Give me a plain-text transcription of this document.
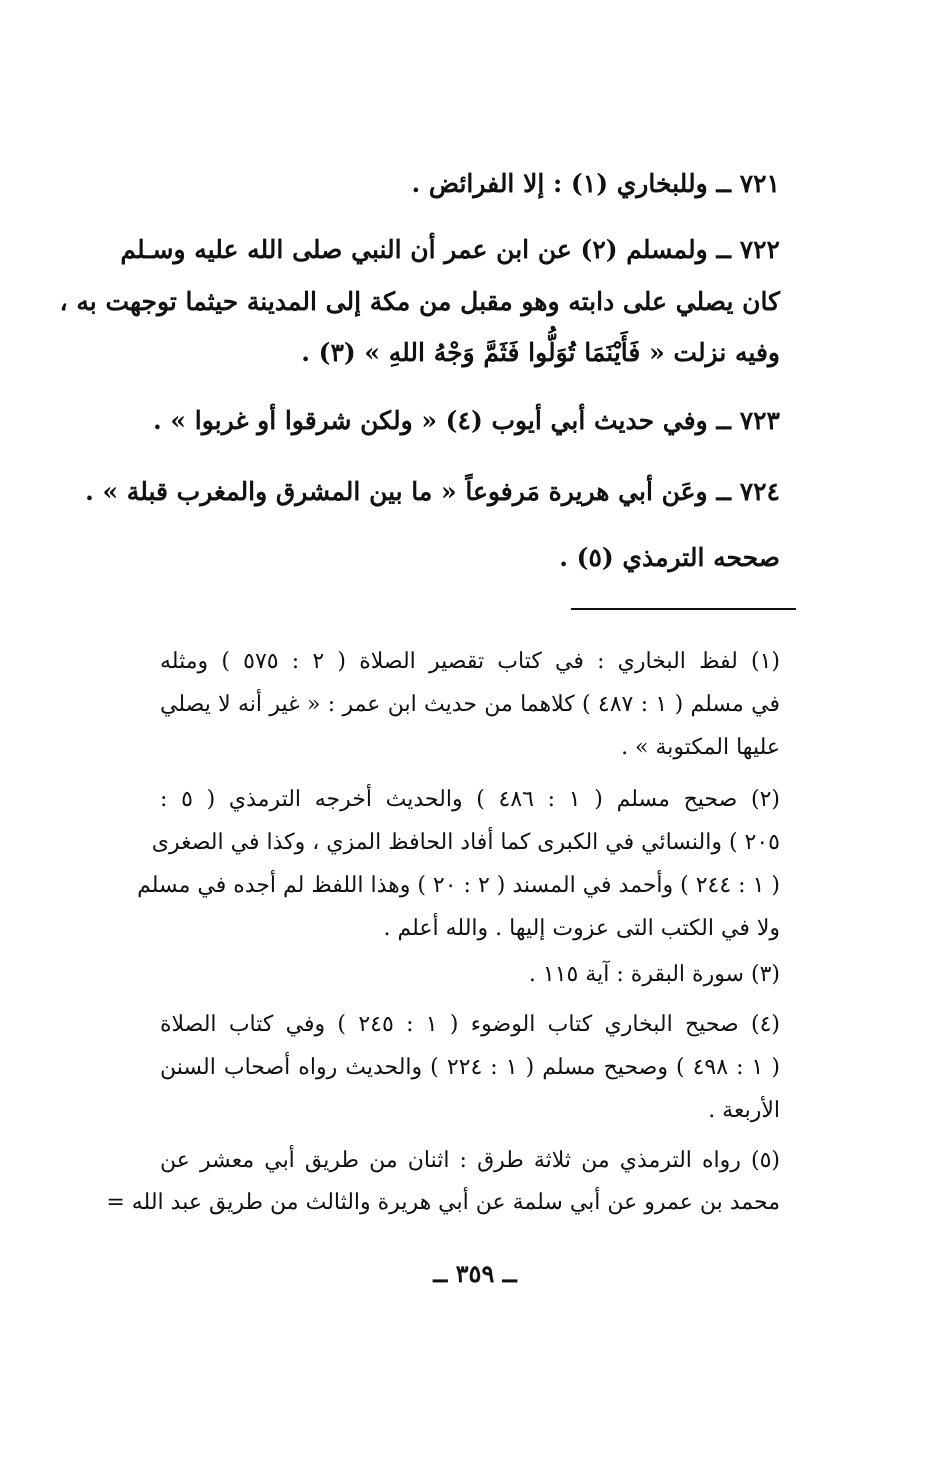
٧٢١ ــ وللبخاري (١) : إلا الفرائض .
٧٢٢ ــ ولمسلم (٢) عن ابن عمر أن النبي صلى الله عليه وسـلم
كان يصلي على دابته وهو مقبل من مكة إلى المدينة حيثما توجهت به ،
وفيه نزلت « فَأَيْنَمَا تُوَلُّوا فَثَمَّ وَجْهُ اللهِ » (٣) .
٧٢٣ ــ وفي حديث أبي أيوب (٤) « ولكن شرقوا أو غربوا » .
٧٢٤ ــ وعَن أبي هريرة مَرفوعاً « ما بين المشرق والمغرب قبلة » .
صححه الترمذي (٥) .
(١) لفظ البخاري : في كتاب تقصير الصلاة ( ٢ : ٥٧٥ ) ومثله
في مسلم ( ١ : ٤٨٧ ) كلاهما من حديث ابن عمر : « غير أنه لا يصلي
عليها المكتوبة » .
(٢) صحيح مسلم ( ١ : ٤٨٦ ) والحديث أخرجه الترمذي ( ٥ :
٢٠٥ ) والنسائي في الكبرى كما أفاد الحافظ المزي ، وكذا في الصغرى
( ١ : ٢٤٤ ) وأحمد في المسند ( ٢ : ٢٠ ) وهذا اللفظ لم أجده في مسلم
ولا في الكتب التى عزوت إليها . والله أعلم .
(٣) سورة البقرة : آية ١١٥ .
(٤) صحيح البخاري كتاب الوضوء ( ١ : ٢٤٥ ) وفي كتاب الصلاة
( ١ : ٤٩٨ ) وصحيح مسلم ( ١ : ٢٢٤ ) والحديث رواه أصحاب السنن
الأربعة .
(٥) رواه الترمذي من ثلاثة طرق : اثنان من طريق أبي معشر عن
محمد بن عمرو عن أبي سلمة عن أبي هريرة والثالث من طريق عبد الله =
ــ ٣٥٩ ــ
